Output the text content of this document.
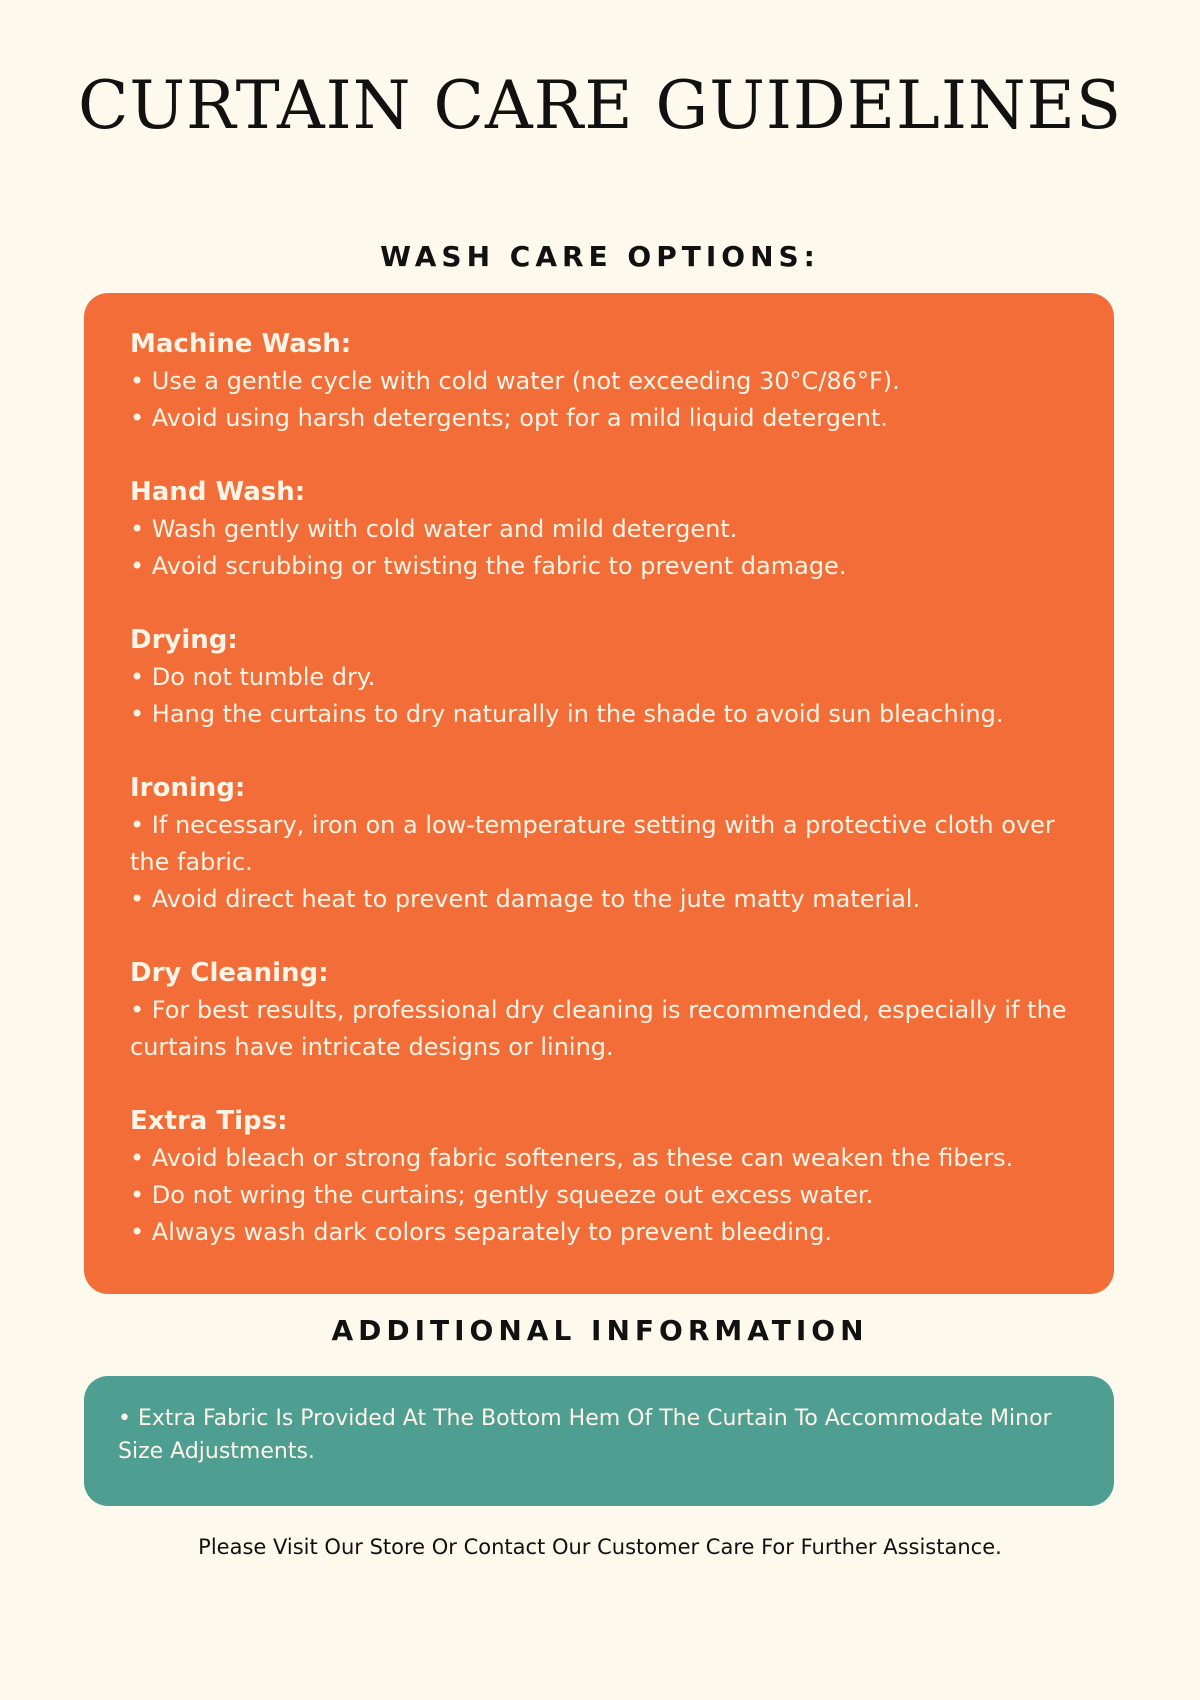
CURTAIN CARE GUIDELINES
WASH CARE OPTIONS:
Machine Wash:
• Use a gentle cycle with cold water (not exceeding 30°C/86°F).
• Avoid using harsh detergents; opt for a mild liquid detergent.
Hand Wash:
• Wash gently with cold water and mild detergent.
• Avoid scrubbing or twisting the fabric to prevent damage.
Drying:
• Do not tumble dry.
• Hang the curtains to dry naturally in the shade to avoid sun bleaching.
Ironing:
• If necessary, iron on a low-temperature setting with a protective cloth over the fabric.
• Avoid direct heat to prevent damage to the jute matty material.
Dry Cleaning:
• For best results, professional dry cleaning is recommended, especially if the curtains have intricate designs or lining.
Extra Tips:
• Avoid bleach or strong fabric softeners, as these can weaken the fibers.
• Do not wring the curtains; gently squeeze out excess water.
• Always wash dark colors separately to prevent bleeding.
ADDITIONAL INFORMATION
• Extra Fabric Is Provided At The Bottom Hem Of The Curtain To Accommodate Minor Size Adjustments.

Please Visit Our Store Or Contact Our Customer Care For Further Assistance.
